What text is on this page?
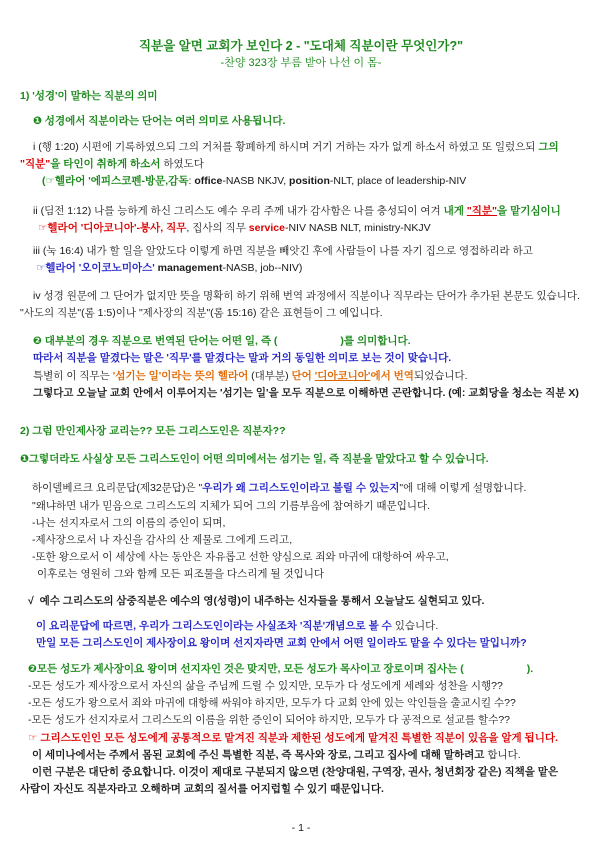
직분을 알면 교회가 보인다 2 - "도대체 직분이란 무엇인가?"
-찬양 323장 부름 받아 나선 이 몸-
1) '성경'이 말하는 직분의 의미
❶ 성경에서 직분이라는 단어는 여러 의미로 사용됩니다.
i (행 1:20) 시편에 기록하였으되 그의 거처를 황폐하게 하시며 거기 거하는 자가 없게 하소서 하였고 또 일렀으되 그의 "직분"을 타인이 취하게 하소서 하였도다
(☞헬라어 '에피스코펜-방문,감독: office-NASB NKJV, position-NLT, place of leadership-NIV
ii (딤전 1:12) 나를 능하게 하신 그리스도 예수 우리 주께 내가 감사함은 나를 충성되이 여겨 내게 "직분"을 맡기심이니
☞헬라어 '디아코니아'-봉사, 직무, 집사의 직무 service-NIV NASB NLT, ministry-NKJV
iii (눅 16:4) 내가 할 일을 알았도다 이렇게 하면 직분을 빼앗긴 후에 사람들이 나를 자기 집으로 영접하리라 하고
☞헬라어 '오이코노미아스' management-NASB, job--NIV)
iv 성경 원문에 그 단어가 없지만 뜻을 명확히 하기 위해 번역 과정에서 직분이나 직무라는 단어가 추가된 본문도 있습니다. "사도의 직분"(롬 1:5)이나 "제사장의 직분"(롬 15:16) 같은 표현들이 그 예입니다.
❷ 대부분의 경우 직분으로 번역된 단어는 어떤 일, 즉 (　　　　　　)를 의미합니다.
따라서 직분을 맡겼다는 말은 '직무'를 맡겼다는 말과 거의 동일한 의미로 보는 것이 맞습니다.
특별히 이 직무는 '섬기는 일'이라는 뜻의 헬라어 (대부분) 단어 '디아코니아'에서 번역되었습니다.
그렇다고 오늘날 교회 안에서 이루어지는 '섬기는 일'을 모두 직분으로 이해하면 곤란합니다. (예: 교회당을 청소는 직분 X)
2) 그럼 만인제사장 교리는?? 모든 그리스도인은 직분자??
❶그렇더라도 사실상 모든 그리스도인이 어떤 의미에서는 섬기는 일, 즉 직분을 맡았다고 할 수 있습니다.
하이델베르크 요리문답(제32문답)은 "우리가 왜 그리스도인이라고 불릴 수 있는지"에 대해 이렇게 설명합니다.
"왜냐하면 내가 믿음으로 그리스도의 지체가 되어 그의 기름부음에 참여하기 때문입니다.
-나는 선지자로서 그의 이름의 증인이 되며,
-제사장으로서 나 자신을 감사의 산 제물로 그에게 드리고,
-또한 왕으로서 이 세상에 사는 동안은 자유롭고 선한 양심으로 죄와 마귀에 대항하여 싸우고,
이후로는 영원히 그와 함께 모든 피조물을 다스리게 될 것입니다
√  예수 그리스도의 삼중직분은 예수의 영(성령)이 내주하는 신자들을 통해서 오늘날도 실현되고 있다.
이 요리문답에 따르면, 우리가 그리스도인이라는 사실조차 '직분'개념으로 볼 수 있습니다.
만일 모든 그리스도인이 제사장이요 왕이며 선지자라면 교회 안에서 어떤 일이라도 맡을 수 있다는 말입니까?
❷모든 성도가 제사장이요 왕이며 선지자인 것은 맞지만, 모든 성도가 목사이고 장로이며 집사는 (　　　　　　).
-모든 성도가 제사장으로서 자신의 삶을 주님께 드릴 수 있지만, 모두가 다 성도에게 세례와 성찬을 시행??
-모든 성도가 왕으로서 죄와 마귀에 대항해 싸워야 하지만, 모두가 다 교회 안에 있는 악인들을 출교시킬 수??
-모든 성도가 선지자로서 그리스도의 이름을 위한 증인이 되어야 하지만, 모두가 다 공적으로 설교를 할수??
☞ 그리스도인인 모든 성도에게 공통적으로 맡겨진 직분과 제한된 성도에게 맡겨진 특별한 직분이 있음을 알게 됩니다.
이 세미나에서는 주께서 몸된 교회에 주신 특별한 직분, 즉 목사와 장로, 그리고 집사에 대해 말하려고 합니다.
이런 구분은 대단히 중요합니다. 이것이 제대로 구분되지 않으면 (찬양대원, 구역장, 권사, 청년회장 같은) 직책을 맡은 사람이 자신도 직분자라고 오해하며 교회의 질서를 어지럽힐 수 있기 때문입니다.
- 1 -
